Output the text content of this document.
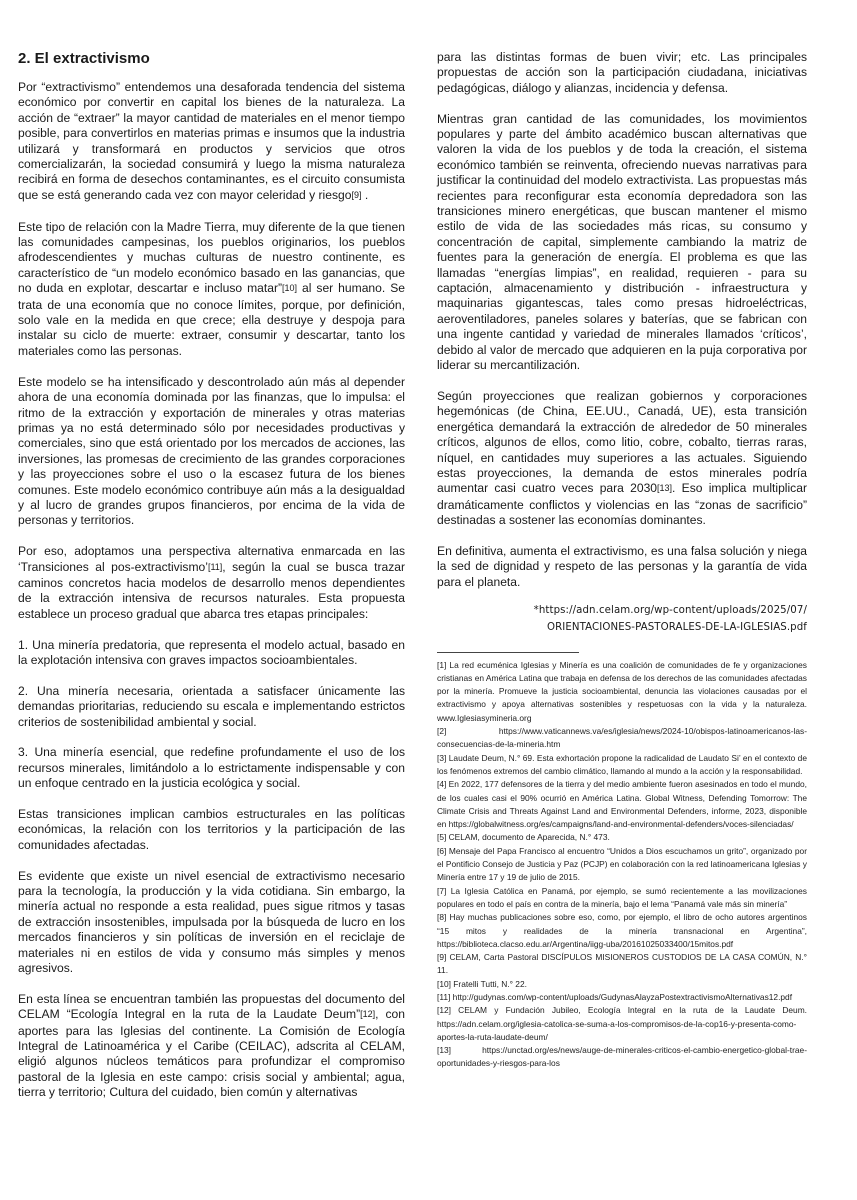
2. El extractivismo

Por “extractivismo” entendemos una desaforada tendencia del sistema económico por convertir en capital los bienes de la naturaleza. La acción de “extraer” la mayor cantidad de materiales en el menor tiempo posible, para convertirlos en materias primas e insumos que la industria utilizará y transformará en productos y servicios que otros comercializarán, la sociedad consumirá y luego la misma naturaleza recibirá en forma de desechos contaminantes, es el circuito consumista que se está generando cada vez con mayor celeridad y riesgo[9] .

Este tipo de relación con la Madre Tierra, muy diferente de la que tienen las comunidades campesinas, los pueblos originarios, los pueblos afrodescendientes y muchas culturas de nuestro continente, es característico de “un modelo económico basado en las ganancias, que no duda en explotar, descartar e incluso matar”[10] al ser humano. Se trata de una economía que no conoce límites, porque, por definición, solo vale en la medida en que crece; ella destruye y despoja para instalar su ciclo de muerte: extraer, consumir y descartar, tanto los materiales como las personas.

Este modelo se ha intensificado y descontrolado aún más al depender ahora de una economía dominada por las finanzas, que lo impulsa: el ritmo de la extracción y exportación de minerales y otras materias primas ya no está determinado sólo por necesidades productivas y comerciales, sino que está orientado por los mercados de acciones, las inversiones, las promesas de crecimiento de las grandes corporaciones y las proyecciones sobre el uso o la escasez futura de los bienes comunes. Este modelo económico contribuye aún más a la desigualdad y al lucro de grandes grupos financieros, por encima de la vida de personas y territorios.

Por eso, adoptamos una perspectiva alternativa enmarcada en las ‘Transiciones al pos-extractivismo’[11], según la cual se busca trazar caminos concretos hacia modelos de desarrollo menos dependientes de la extracción intensiva de recursos naturales. Esta propuesta establece un proceso gradual que abarca tres etapas principales:

1. Una minería predatoria, que representa el modelo actual, basado en la explotación intensiva con graves impactos socioambientales.

2. Una minería necesaria, orientada a satisfacer únicamente las demandas prioritarias, reduciendo su escala e implementando estrictos criterios de sostenibilidad ambiental y social.

3. Una minería esencial, que redefine profundamente el uso de los recursos minerales, limitándolo a lo estrictamente indispensable y con un enfoque centrado en la justicia ecológica y social.

Estas transiciones implican cambios estructurales en las políticas económicas, la relación con los territorios y la participación de las comunidades afectadas.

Es evidente que existe un nivel esencial de extractivismo necesario para la tecnología, la producción y la vida cotidiana. Sin embargo, la minería actual no responde a esta realidad, pues sigue ritmos y tasas de extracción insostenibles, impulsada por la búsqueda de lucro en los mercados financieros y sin políticas de inversión en el reciclaje de materiales ni en estilos de vida y consumo más simples y menos agresivos.

En esta línea se encuentran también las propuestas del documento del CELAM “Ecología Integral en la ruta de la Laudate Deum”[12], con aportes para las Iglesias del continente. La Comisión de Ecología Integral de Latinoamérica y el Caribe (CEILAC), adscrita al CELAM, eligió algunos núcleos temáticos para profundizar el compromiso pastoral de la Iglesia en este campo: crisis social y ambiental; agua, tierra y territorio; Cultura del cuidado, bien común y alternativas

para las distintas formas de buen vivir; etc. Las principales propuestas de acción son la participación ciudadana, iniciativas pedagógicas, diálogo y alianzas, incidencia y defensa.

Mientras gran cantidad de las comunidades, los movimientos populares y parte del ámbito académico buscan alternativas que valoren la vida de los pueblos y de toda la creación, el sistema económico también se reinventa, ofreciendo nuevas narrativas para justificar la continuidad del modelo extractivista. Las propuestas más recientes para reconfigurar esta economía depredadora son las transiciones minero energéticas, que buscan mantener el mismo estilo de vida de las sociedades más ricas, su consumo y concentración de capital, simplemente cambiando la matriz de fuentes para la generación de energía. El problema es que las llamadas “energías limpias”, en realidad, requieren - para su captación, almacenamiento y distribución - infraestructura y maquinarias gigantescas, tales como presas hidroeléctricas, aeroventiladores, paneles solares y baterías, que se fabrican con una ingente cantidad y variedad de minerales llamados ‘críticos’, debido al valor de mercado que adquieren en la puja corporativa por liderar su mercantilización.

Según proyecciones que realizan gobiernos y corporaciones hegemónicas (de China, EE.UU., Canadá, UE), esta transición energética demandará la extracción de alrededor de 50 minerales críticos, algunos de ellos, como litio, cobre, cobalto, tierras raras, níquel, en cantidades muy superiores a las actuales. Siguiendo estas proyecciones, la demanda de estos minerales podría aumentar casi cuatro veces para 2030[13]. Eso implica multiplicar dramáticamente conflictos y violencias en las “zonas de sacrificio” destinadas a sostener las economías dominantes.

En definitiva, aumenta el extractivismo, es una falsa solución y niega la sed de dignidad y respeto de las personas y la garantía de vida para el planeta.

*https://adn.celam.org/wp-content/uploads/2025/07/
ORIENTACIONES-PASTORALES-DE-LA-IGLESIAS.pdf

[1] La red ecuménica Iglesias y Minería es una coalición de comunidades de fe y organizaciones cristianas en América Latina que trabaja en defensa de los derechos de las comunidades afectadas por la minería. Promueve la justicia socioambiental, denuncia las violaciones causadas por el extractivismo y apoya alternativas sostenibles y respetuosas con la vida y la naturaleza. www.Iglesiasymineria.org

[2] https://www.vaticannews.va/es/iglesia/news/2024-10/obispos-latinoamericanos-las-consecuencias-de-la-mineria.htm

[3] Laudate Deum, N.° 69. Esta exhortación propone la radicalidad de Laudato Si’ en el contexto de los fenómenos extremos del cambio climático, llamando al mundo a la acción y la responsabilidad.

[4] En 2022, 177 defensores de la tierra y del medio ambiente fueron asesinados en todo el mundo, de los cuales casi el 90% ocurrió en América Latina. Global Witness, Defending Tomorrow: The Climate Crisis and Threats Against Land and Environmental Defenders, informe, 2023, disponible en https://globalwitness.org/es/campaigns/land-and-environmental-defenders/voces-silenciadas/

[5] CELAM, documento de Aparecida, N.° 473.

[6] Mensaje del Papa Francisco al encuentro “Unidos a Dios escuchamos un grito”, organizado por el Pontificio Consejo de Justicia y Paz (PCJP) en colaboración con la red latinoamericana Iglesias y Minería entre 17 y 19 de julio de 2015.

[7] La Iglesia Católica en Panamá, por ejemplo, se sumó recientemente a las movilizaciones populares en todo el país en contra de la minería, bajo el lema “Panamá vale más sin minería”

[8] Hay muchas publicaciones sobre eso, como, por ejemplo, el libro de ocho autores argentinos “15 mitos y realidades de la minería transnacional en Argentina”, https://biblioteca.clacso.edu.ar/Argentina/iigg-uba/20161025033400/15mitos.pdf

[9] CELAM, Carta Pastoral DISCÍPULOS MISIONEROS CUSTODIOS DE LA CASA COMÚN, N.° 11.

[10] Fratelli Tutti, N.° 22.

[11] http://gudynas.com/wp-content/uploads/GudynasAlayzaPostextractivismoAlternativas12.pdf

[12] CELAM y Fundación Jubileo, Ecología Integral en la ruta de la Laudate Deum. https://adn.celam.org/iglesia-catolica-se-suma-a-los-compromisos-de-la-cop16-y-presenta-como-aportes-la-ruta-laudate-deum/

[13] https://unctad.org/es/news/auge-de-minerales-criticos-el-cambio-energetico-global-trae-oportunidades-y-riesgos-para-los
